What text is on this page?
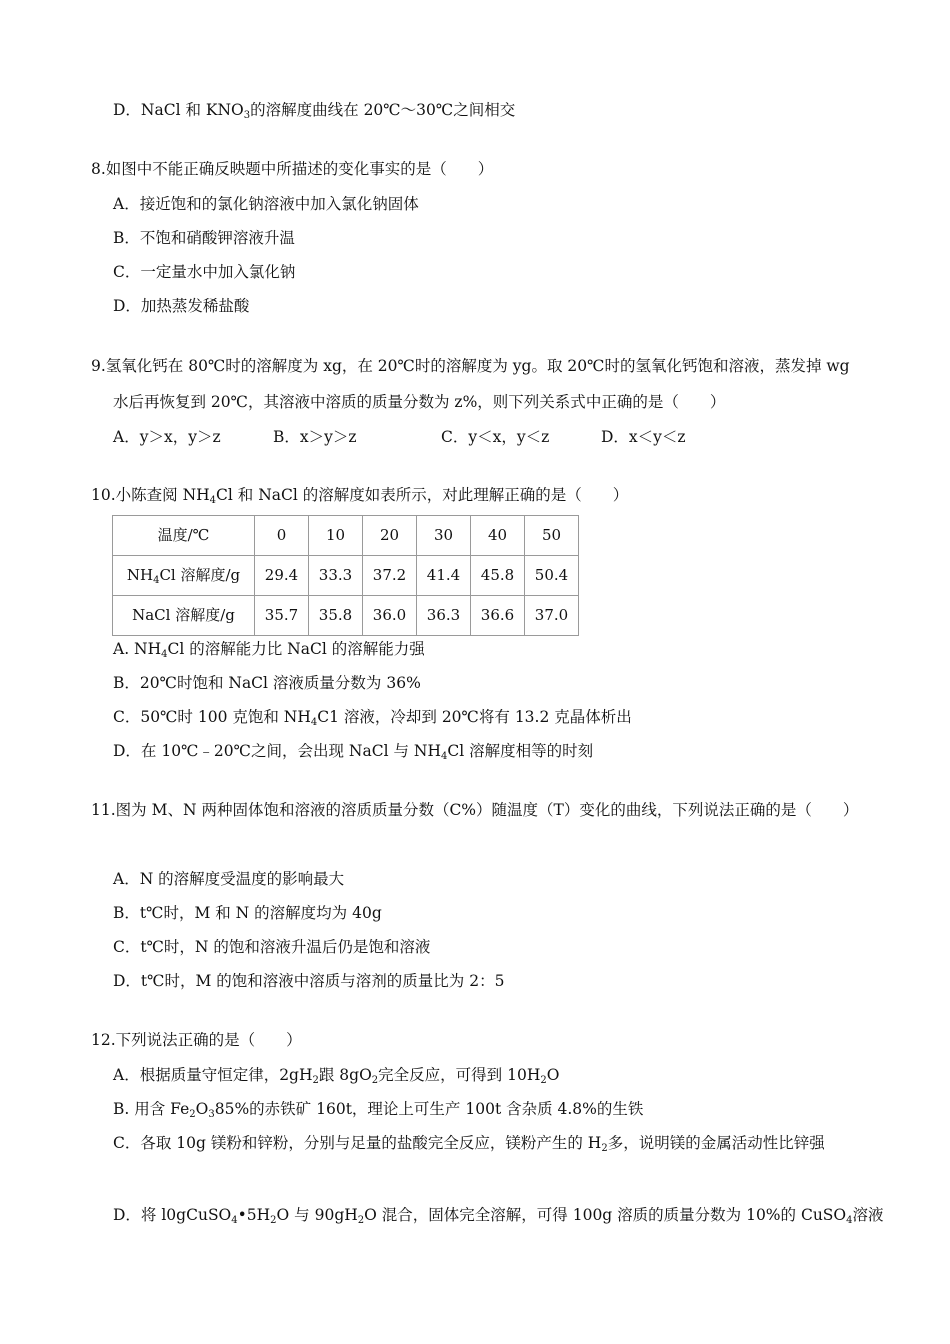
D．NaCl 和 $KNO_3$的溶解度曲线在 20℃～30℃之间相交
8.如图中不能正确反映题中所描述的变化事实的是（　　）
A．接近饱和的氯化钠溶液中加入氯化钠固体
B．不饱和硝酸钾溶液升温
C．一定量水中加入氯化钠
D．加热蒸发稀盐酸
9.氢氧化钙在 80℃时的溶解度为 xg，在 20℃时的溶解度为 yg。取 20℃时的氢氧化钙饱和溶液，蒸发掉 wg
水后再恢复到 20℃，其溶液中溶质的质量分数为 z%，则下列关系式中正确的是（　　）
A．y＞x，y＞z	B．x＞y＞z	C．y＜x，y＜z	D．x＜y＜z
10.小陈查阅 $NH_4Cl$ 和 NaCl 的溶解度如表所示，对此理解正确的是（　　）
温度/℃	0	10	20	30	40	50
$NH_4Cl$ 溶解度/g	29.4	33.3	37.2	41.4	45.8	50.4
NaCl 溶解度/g	35.7	35.8	36.0	36.3	36.6	37.0
A. $NH_4Cl$ 的溶解能力比 NaCl 的溶解能力强
B．20℃时饱和 NaCl 溶液质量分数为 36%
C．50℃时 100 克饱和 $NH_4C1$ 溶液，冷却到 20℃将有 13.2 克晶体析出
D．在 10℃﹣20℃之间，会出现 NaCl 与 $NH_4Cl$ 溶解度相等的时刻
11.图为 M、N 两种固体饱和溶液的溶质质量分数（C%）随温度（T）变化的曲线，下列说法正确的是（　　）
A．N 的溶解度受温度的影响最大
B．t℃时，M 和 N 的溶解度均为 40g
C．t℃时，N 的饱和溶液升温后仍是饱和溶液
D．t℃时，M 的饱和溶液中溶质与溶剂的质量比为 2：5
12.下列说法正确的是（　　）
A．根据质量守恒定律，$2gH_2$跟 $8gO_2$完全反应，可得到 $10H_2O$
B. 用含 $Fe_2O_385\%$的赤铁矿 160t，理论上可生产 100t 含杂质 4.8%的生铁
C．各取 10g 镁粉和锌粉，分别与足量的盐酸完全反应，镁粉产生的 $H_2$多，说明镁的金属活动性比锌强
D．将 $l0gCuSO_4•5H_2O$ 与 $90gH_2O$ 混合，固体完全溶解，可得 100g 溶质的质量分数为 10%的 CuSO$_4$溶液
